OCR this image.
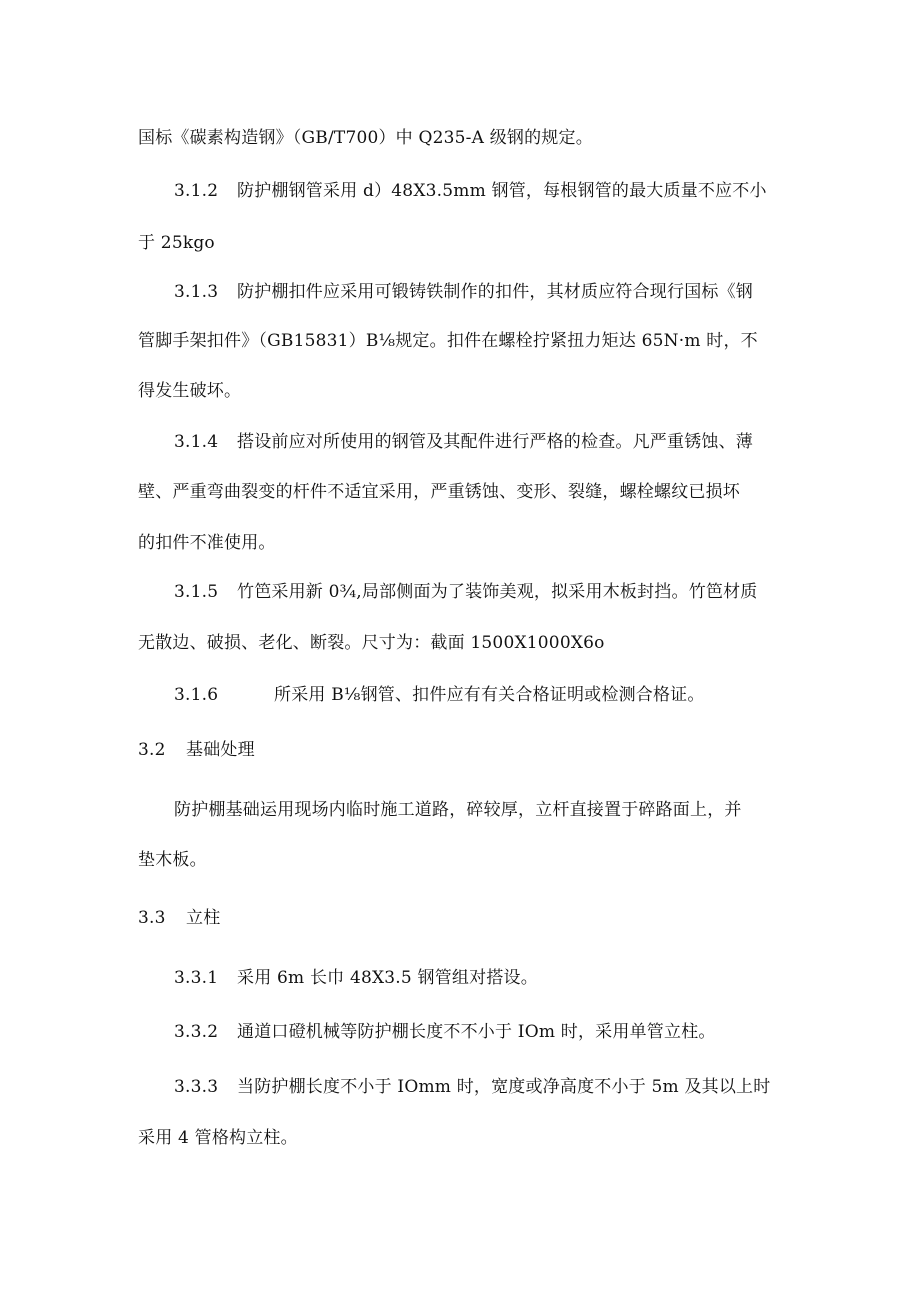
国标《碳素构造钢》（GB/T700）中 Q235-A 级钢的规定。
3.1.2 防护棚钢管采用 d）48X3.5mm 钢管，每根钢管的最大质量不应不小
于 25kgo
3.1.3 防护棚扣件应采用可锻铸铁制作的扣件，其材质应符合现行国标《钢
管脚手架扣件》（GB15831）B⅛规定。扣件在螺栓拧紧扭力矩达 65N·m 时，不
得发生破坏。
3.1.4 搭设前应对所使用的钢管及其配件进行严格的检查。凡严重锈蚀、薄
壁、严重弯曲裂变的杆件不适宜采用，严重锈蚀、变形、裂缝，螺栓螺纹已损坏
的扣件不准使用。
3.1.5 竹笆采用新 0¾,局部侧面为了装饰美观，拟采用木板封挡。竹笆材质
无散边、破损、老化、断裂。尺寸为：截面 1500X1000X6o
3.1.6	所采用 B⅛钢管、扣件应有有关合格证明或检测合格证。
3.2 基础处理
防护棚基础运用现场内临时施工道路，碎较厚，立杆直接置于碎路面上，并
垫木板。
3.3 立柱
3.3.1 采用 6m 长巾 48X3.5 钢管组对搭设。
3.3.2 通道口磴机械等防护棚长度不不小于 IOm 时，采用单管立柱。
3.3.3 当防护棚长度不小于 IOmm 时，宽度或净高度不小于 5m 及其以上时
采用 4 管格构立柱。
